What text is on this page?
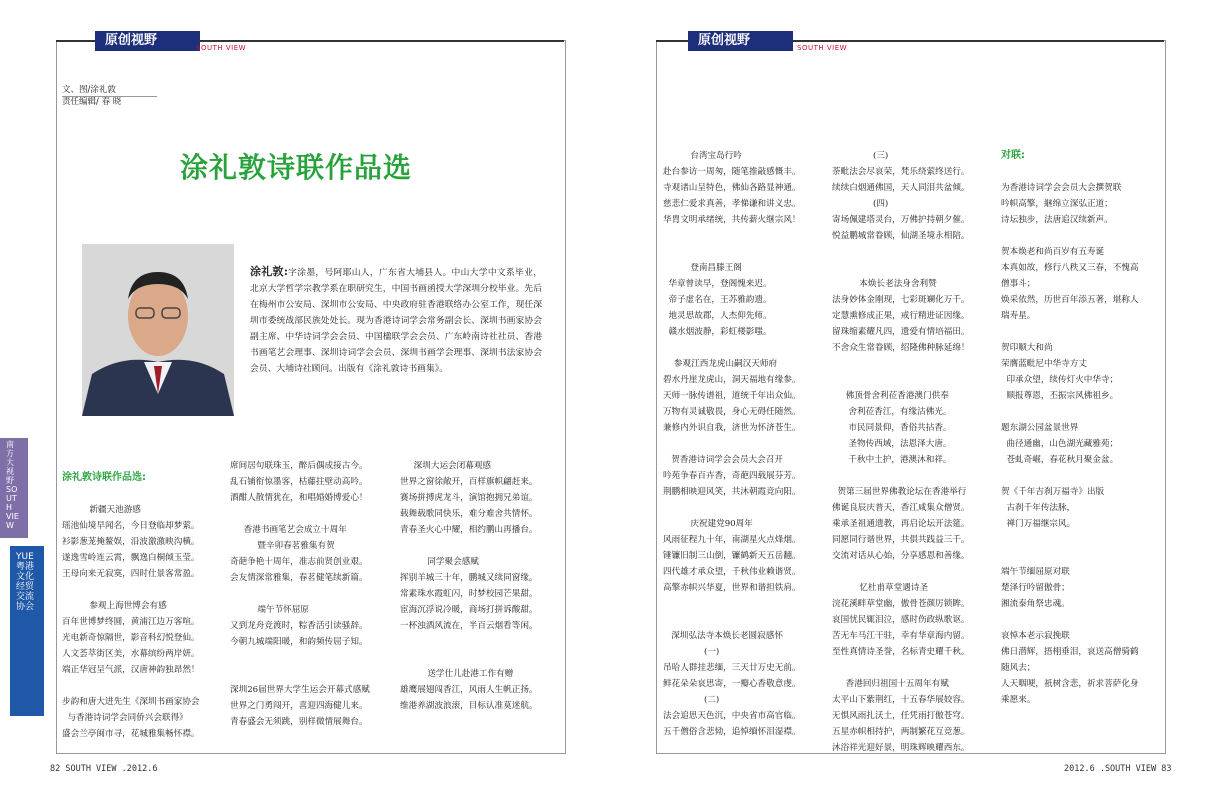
原创视野	SOUTH VIEW
文、图/涂礼敦
责任编辑/ 春 晓
涂礼敦诗联作品选
涂礼敦:字涂墨，号阿耶山人，广东省大埔县人。中山大学中文系毕业，北京大学哲学宗教学系在职研究生，中国书画函授大学深圳分校毕业。先后在梅州市公安局、深圳市公安局、中央政府驻香港联络办公室工作，现任深圳市委统战部民族处处长。现为香港诗词学会常务副会长、深圳书画家协会副主席、中华诗词学会会员、中国楹联学会会员、广东岭南诗社社员、香港书画笔艺会理事、深圳诗词学会会员、深圳书画学会理事、深圳书法家协会会员、大埔诗社顾问。出版有《涂礼敦诗书画集》。
涂礼敦诗联作品选:

新疆天池游感
瑶池仙境早闻名，今日登临却梦萦。
衫影葱茏掩鳌娱，沿波激激映沟横。
遂逸雪岭连云霄，飘逸白桐倾玉莹。
王母向来无寂寞，四时仕景客常盈。

参观上海世博会有感
百年世博梦终圆，黄浦江边万客喧。
光电新奇惊隔世，影音科幻悦登仙。
人文荟萃街区美，水幕缤纷两岸妍。
端正华冠呈气派，汉唐神韵独昂然！

步韵和唐大进先生《深圳书画家协会
与香港诗词学会同侨兴会联得》
盛会兰亭闽市寻，花城雅集畅怀襟。
席间居句联珠玉，醉后偶成接古今。
乱石铺衔惊墨客，枯藤拄壁动高吟。
酒酣人散情犹在，和唱婚婚博爱心！

香港书画笔艺会成立十周年
暨辛卯春茗雅集有贺
奇葩争艳十周年，准志前贤创业艰。
会友情深常雅集，春茗健笔续新篇。

端午节怀屈原
又到龙舟竞渡时，粽香活引读骚辞。
今朝九城端阳暖，和韵频传屈子知。

深圳26届世界大学生运会开幕式感赋
世界之门勇闯开，喜迎四海健儿来。
青春盛会无须跳，别样微情展舞台。
深圳大运会闭幕观感
世界之窗徐敞开，百样旗帜翩赶来。
赛场拼搏虎龙斗，演馆抱拥兄弟谊。
载舞载歌同快乐，难分难舍共情怀。
青春圣火心中耀，相约鹏山再播台。

同学聚会感赋
挥别羊城三十年，鹏城又续同窗缘。
常素珠水霞虹闪，时梦校园芒果甜。
宦海沉浮说冷暖，商场打拼诉酸甜。
一杯浊酒风流在，半百云烟看等闲。

送学仕儿赴港工作有赠
雄鹰展翅闯香江，风雨人生帆正扬。
维港养湖波浪滚，目标认准莫迷航。
南方大视野 SOUTH VIEW
YUE 粤港文化经贸交流协会
82 SOUTH VIEW .2012.6
原创视野	SOUTH VIEW
台湾宝岛行吟
赴台参访一周匆，随笔推敲感慨丰。
寺观诸山呈特色，佛仙各路显神通。
慈悲仁爱求真善，孝悌谦和讲义忠。
华胄文明承绪统，共传薪火继宗风！

登南昌滕王阁
华章曾读早，登阁愧来迟。
帝子虚名在，王苏雅韵遗。
地灵思故郡，人杰仰先师。
赣水烟波静，彩虹楼影嗤。

参观江西龙虎山嗣汉天师府
碧水丹崖龙虎山，洞天福地有缘参。
天师一脉传谱祖，道统千年出众仙。
万物有灵诚敬畏，身心无碍任随然。
兼修内外识自我，济世为怀济苍生。

贺香港诗词学会会员大会召开
吟苑争春百卉香，奇葩四载展芬芳。
荆鹏相映迎风笑，共沐朝霞竞向阳。

庆祝建党90周年
风雨征程九十年，南湖星火点烽烟。
锤镰旧制三山倒，镰鹤新天五岳翻。
四代雄才承众望，千秋伟业赖谐贤。
高擎赤帜兴华夏，世界和谐担铁肩。

深圳弘法寺本焕长老圆寂感怀
(一)
吊哈人群挂悲缅，三天廿万史无前。
鲜花朵朵哀思寄，一瓣心香敬意虔。
(二)
法会追思天色沉，中央省市高官临。
五千僧俗含悲恸，追悼缅怀泪湿襟。
(三)
荼毗法会尽哀荣，梵乐绕萦终送行。
续续白烟通佛国，天人同泪共盆倾。
(四)
寄场佩建塔灵台，万佛护持朝夕催。
悦益鹏城常眷顾，仙湖圣境永相陪。

本焕长老法身舍利赞
法身妙体金刚现，七彩斑斓化万千。
定慧熏修成正果，戒行精进证因缘。
留珠缩素耀凡四，遗爱有情培福田。
不舍众生常眷顾，绍隆佛种脉延绵！

佛顶骨舍利莅香港澳门供奉
舍利莅香江，有缘沽佛光。
市民同景仰，香俗共拈香。
圣物传西域，法恩泽大唐。
千秋中土护，港澳沐和祥。

贺第三届世界佛教论坛在香港举行
佛诞良辰庆普天，香江咸集众僧贤。
乘承圣祖通遗教，再启论坛开法筵。
同愿同行谐世界，共俱共践益三千。
交流对话从心始，分享感恩和善缘。

忆杜甫草堂遇诗圣
浣花溪畔草堂幽，傲骨苍颜厉锁眸。
哀国忧民辄泪泣，感时伤政纵歌讴。
苦无车马江干驻，幸有华章海内留。
至性真情诗圣誉，名标青史耀千秋。

香港回归祖国十五周年有赋
太平山下紫荆红，十五春华展姣容。
无惧风雨扎沃土，任凭雨打傲苍穹。
五星赤帜相持护，两制繁花互竞葱。
沐浴祥光迎好景，明珠辉映耀西东。
对联:

为香港诗词学会会员大会撰贺联
吟帜高擎，継绵立深弘正道；
诗坛独步，法唐追汉续新声。

贺本焕老和尚百岁有五寿诞
本真如故，修行八秩又三春，不愧高
僧事斗；
焕采依然，历世百年添五著，堪称人
瑞寿星。

贺印顺大和尚
荣膺蓝毗尼中华寺方丈
印承众望，续传灯火中华寺；
顺报尊恩，丕振宗风佛祖乡。

题东湖公园盆景世界
曲径通幽，山色湖光藏雅苑；
苍虬奇崛，春花秋月聚金盆。

贺《千年吉刹万福寺》出版
古刹千年传法脉，
禅门万福继宗风。

端午节缅屈原对联
楚泽行吟留傲骨；
湘流泰角祭忠魂。

哀悼本老示寂挽联
佛日潜辉，捂栩垂泪，哀送高僧骑鹤
随风去；
人天咽哽，祇树含悲，祈求菩萨化身
乘愿来。
2012.6 .SOUTH VIEW 83
